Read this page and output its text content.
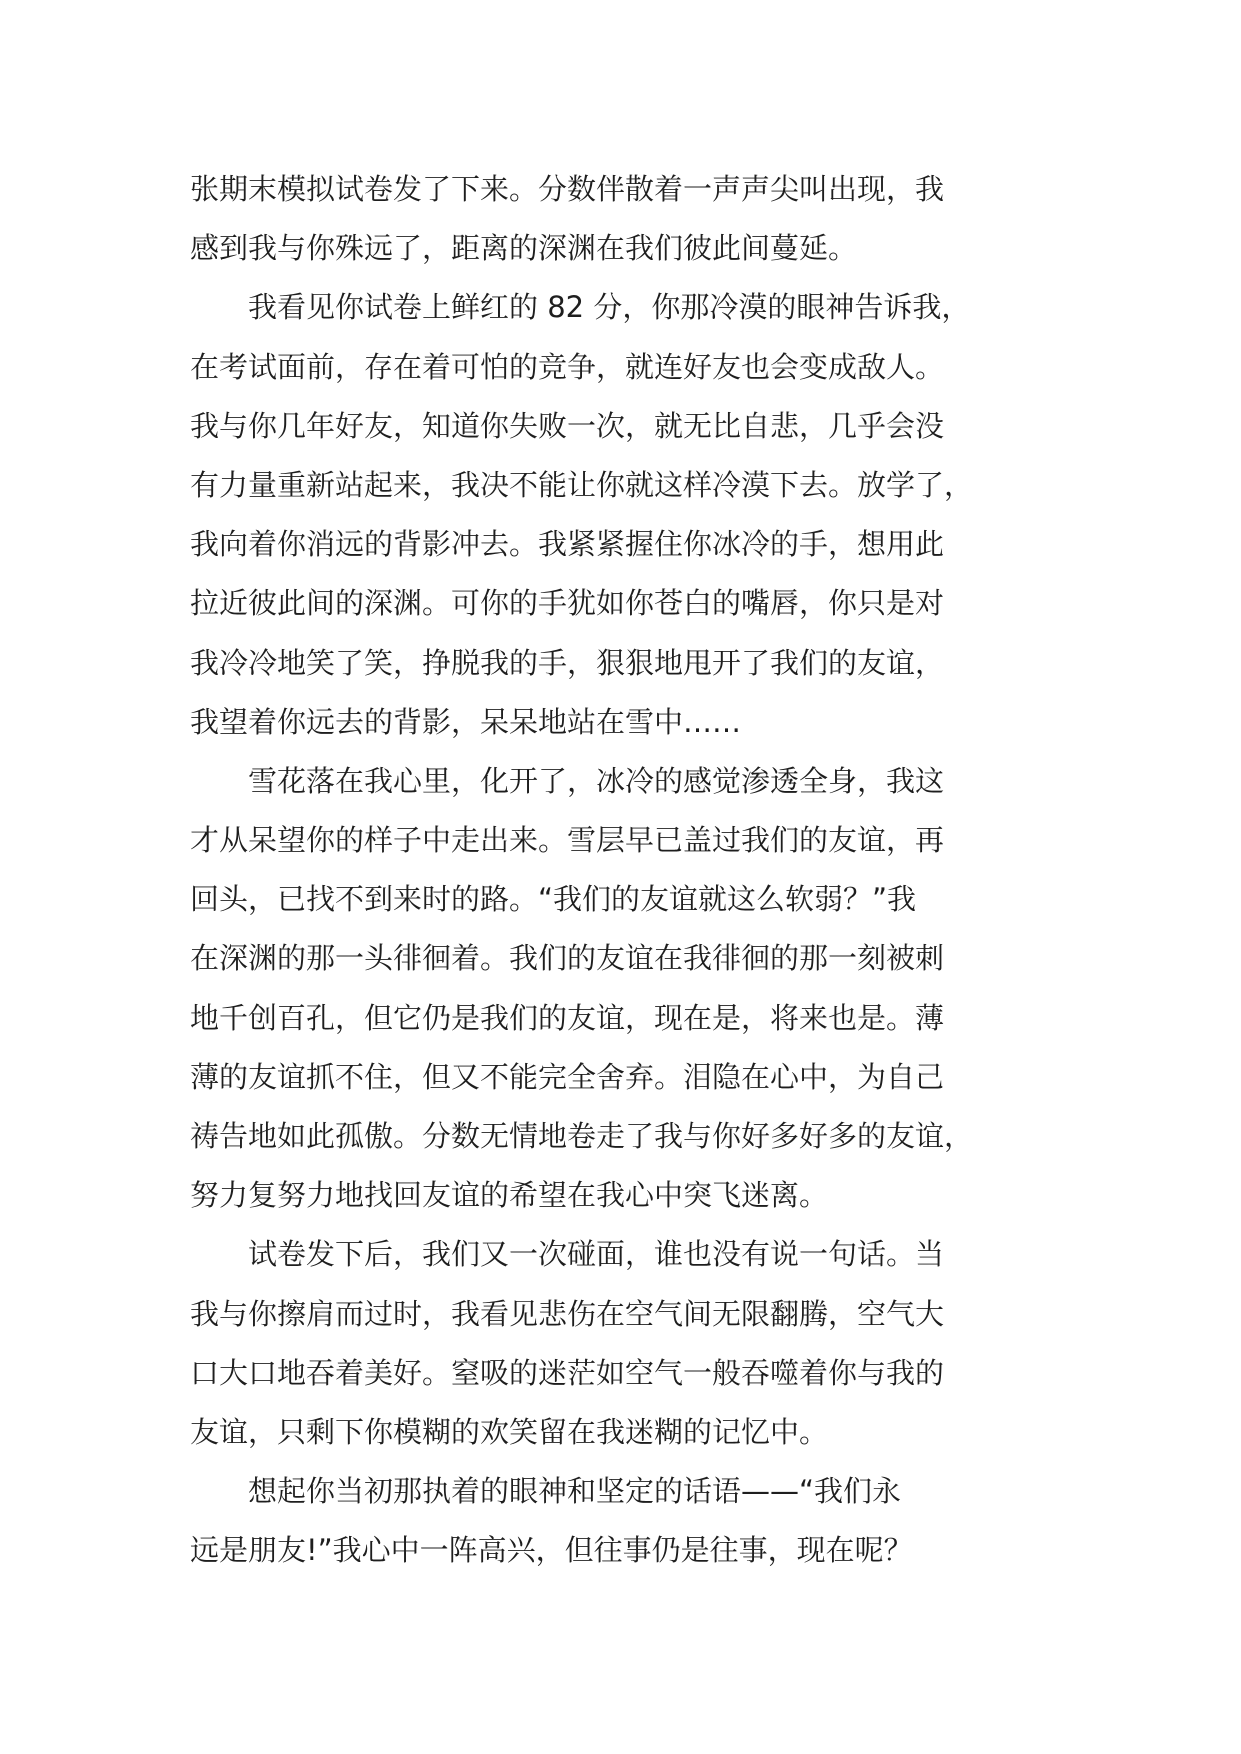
张期末模拟试卷发了下来。分数伴散着一声声尖叫出现，我
感到我与你殊远了，距离的深渊在我们彼此间蔓延。
　　我看见你试卷上鲜红的 82 分，你那冷漠的眼神告诉我，
在考试面前，存在着可怕的竞争，就连好友也会变成敌人。
我与你几年好友，知道你失败一次，就无比自悲，几乎会没
有力量重新站起来，我决不能让你就这样冷漠下去。放学了，
我向着你消远的背影冲去。我紧紧握住你冰冷的手，想用此
拉近彼此间的深渊。可你的手犹如你苍白的嘴唇，你只是对
我冷冷地笑了笑，挣脱我的手，狠狠地甩开了我们的友谊，
我望着你远去的背影，呆呆地站在雪中……
　　雪花落在我心里，化开了，冰冷的感觉渗透全身，我这
才从呆望你的样子中走出来。雪层早已盖过我们的友谊，再
回头，已找不到来时的路。“我们的友谊就这么软弱？”我
在深渊的那一头徘徊着。我们的友谊在我徘徊的那一刻被刺
地千创百孔，但它仍是我们的友谊，现在是，将来也是。薄
薄的友谊抓不住，但又不能完全舍弃。泪隐在心中，为自己
祷告地如此孤傲。分数无情地卷走了我与你好多好多的友谊，
努力复努力地找回友谊的希望在我心中突飞迷离。
　　试卷发下后，我们又一次碰面，谁也没有说一句话。当
我与你擦肩而过时，我看见悲伤在空气间无限翻腾，空气大
口大口地吞着美好。窒吸的迷茫如空气一般吞噬着你与我的
友谊，只剩下你模糊的欢笑留在我迷糊的记忆中。
　　想起你当初那执着的眼神和坚定的话语——“我们永
远是朋友!”我心中一阵高兴，但往事仍是往事，现在呢？
